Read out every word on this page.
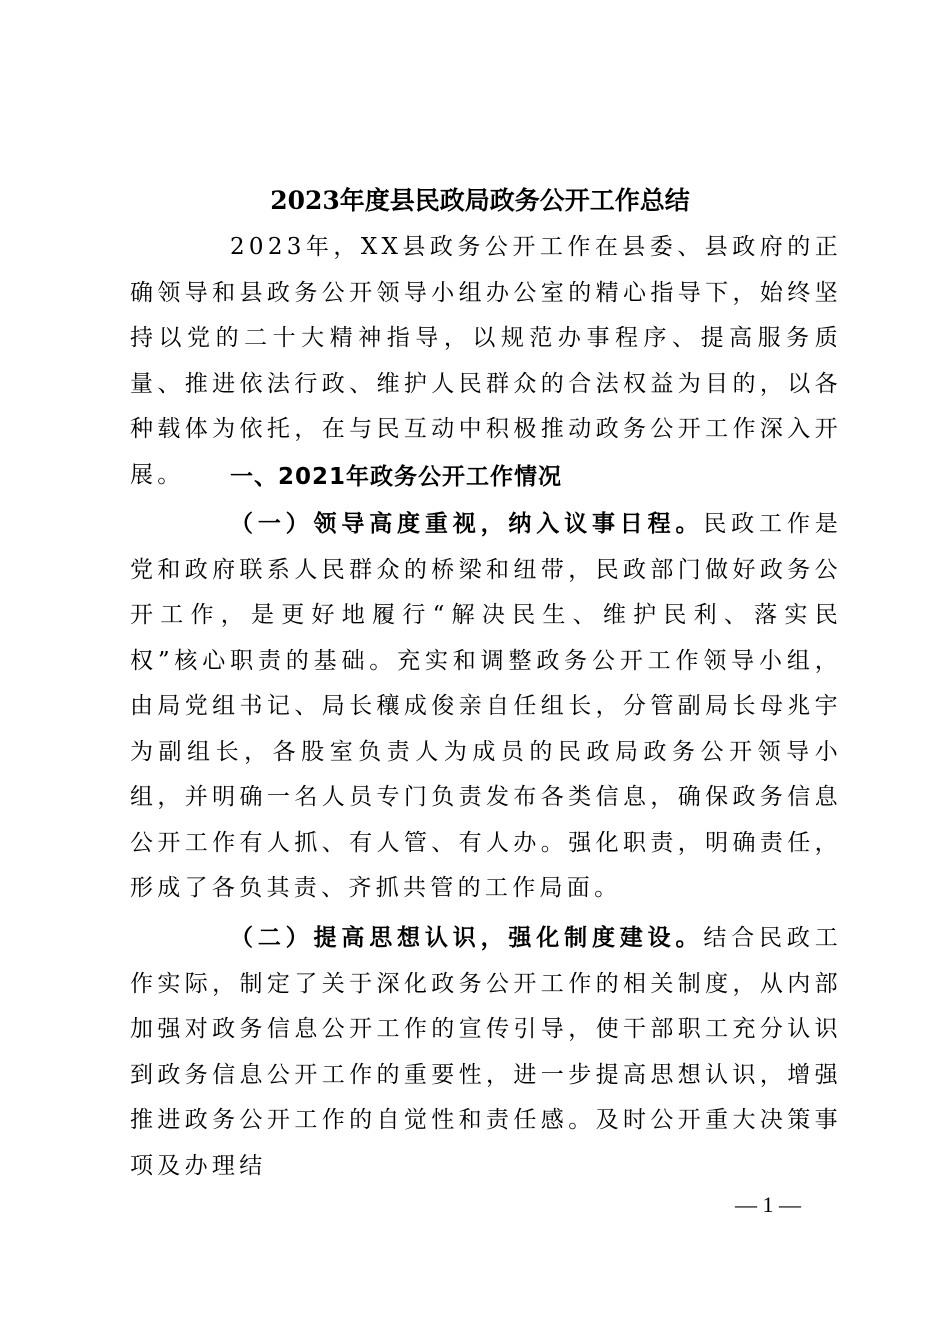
2023年度县民政局政务公开工作总结

2023年，XX县政务公开工作在县委、县政府的正确领导和县政务公开领导小组办公室的精心指导下，始终坚持以党的二十大精神指导，以规范办事程序、提高服务质量、推进依法行政、维护人民群众的合法权益为目的，以各种载体为依托，在与民互动中积极推动政务公开工作深入开展。	一、2021年政务公开工作情况

（一）领导高度重视，纳入议事日程。民政工作是党和政府联系人民群众的桥梁和纽带，民政部门做好政务公开工作，是更好地履行“解决民生、维护民利、落实民权”核心职责的基础。充实和调整政务公开工作领导小组，由局党组书记、局长穰成俊亲自任组长，分管副局长母兆宇为副组长，各股室负责人为成员的民政局政务公开领导小组，并明确一名人员专门负责发布各类信息，确保政务信息公开工作有人抓、有人管、有人办。强化职责，明确责任，形成了各负其责、齐抓共管的工作局面。

（二）提高思想认识，强化制度建设。结合民政工作实际，制定了关于深化政务公开工作的相关制度，从内部加强对政务信息公开工作的宣传引导，使干部职工充分认识到政务信息公开工作的重要性，进一步提高思想认识，增强推进政务公开工作的自觉性和责任感。及时公开重大决策事项及办理结

— 1 —
